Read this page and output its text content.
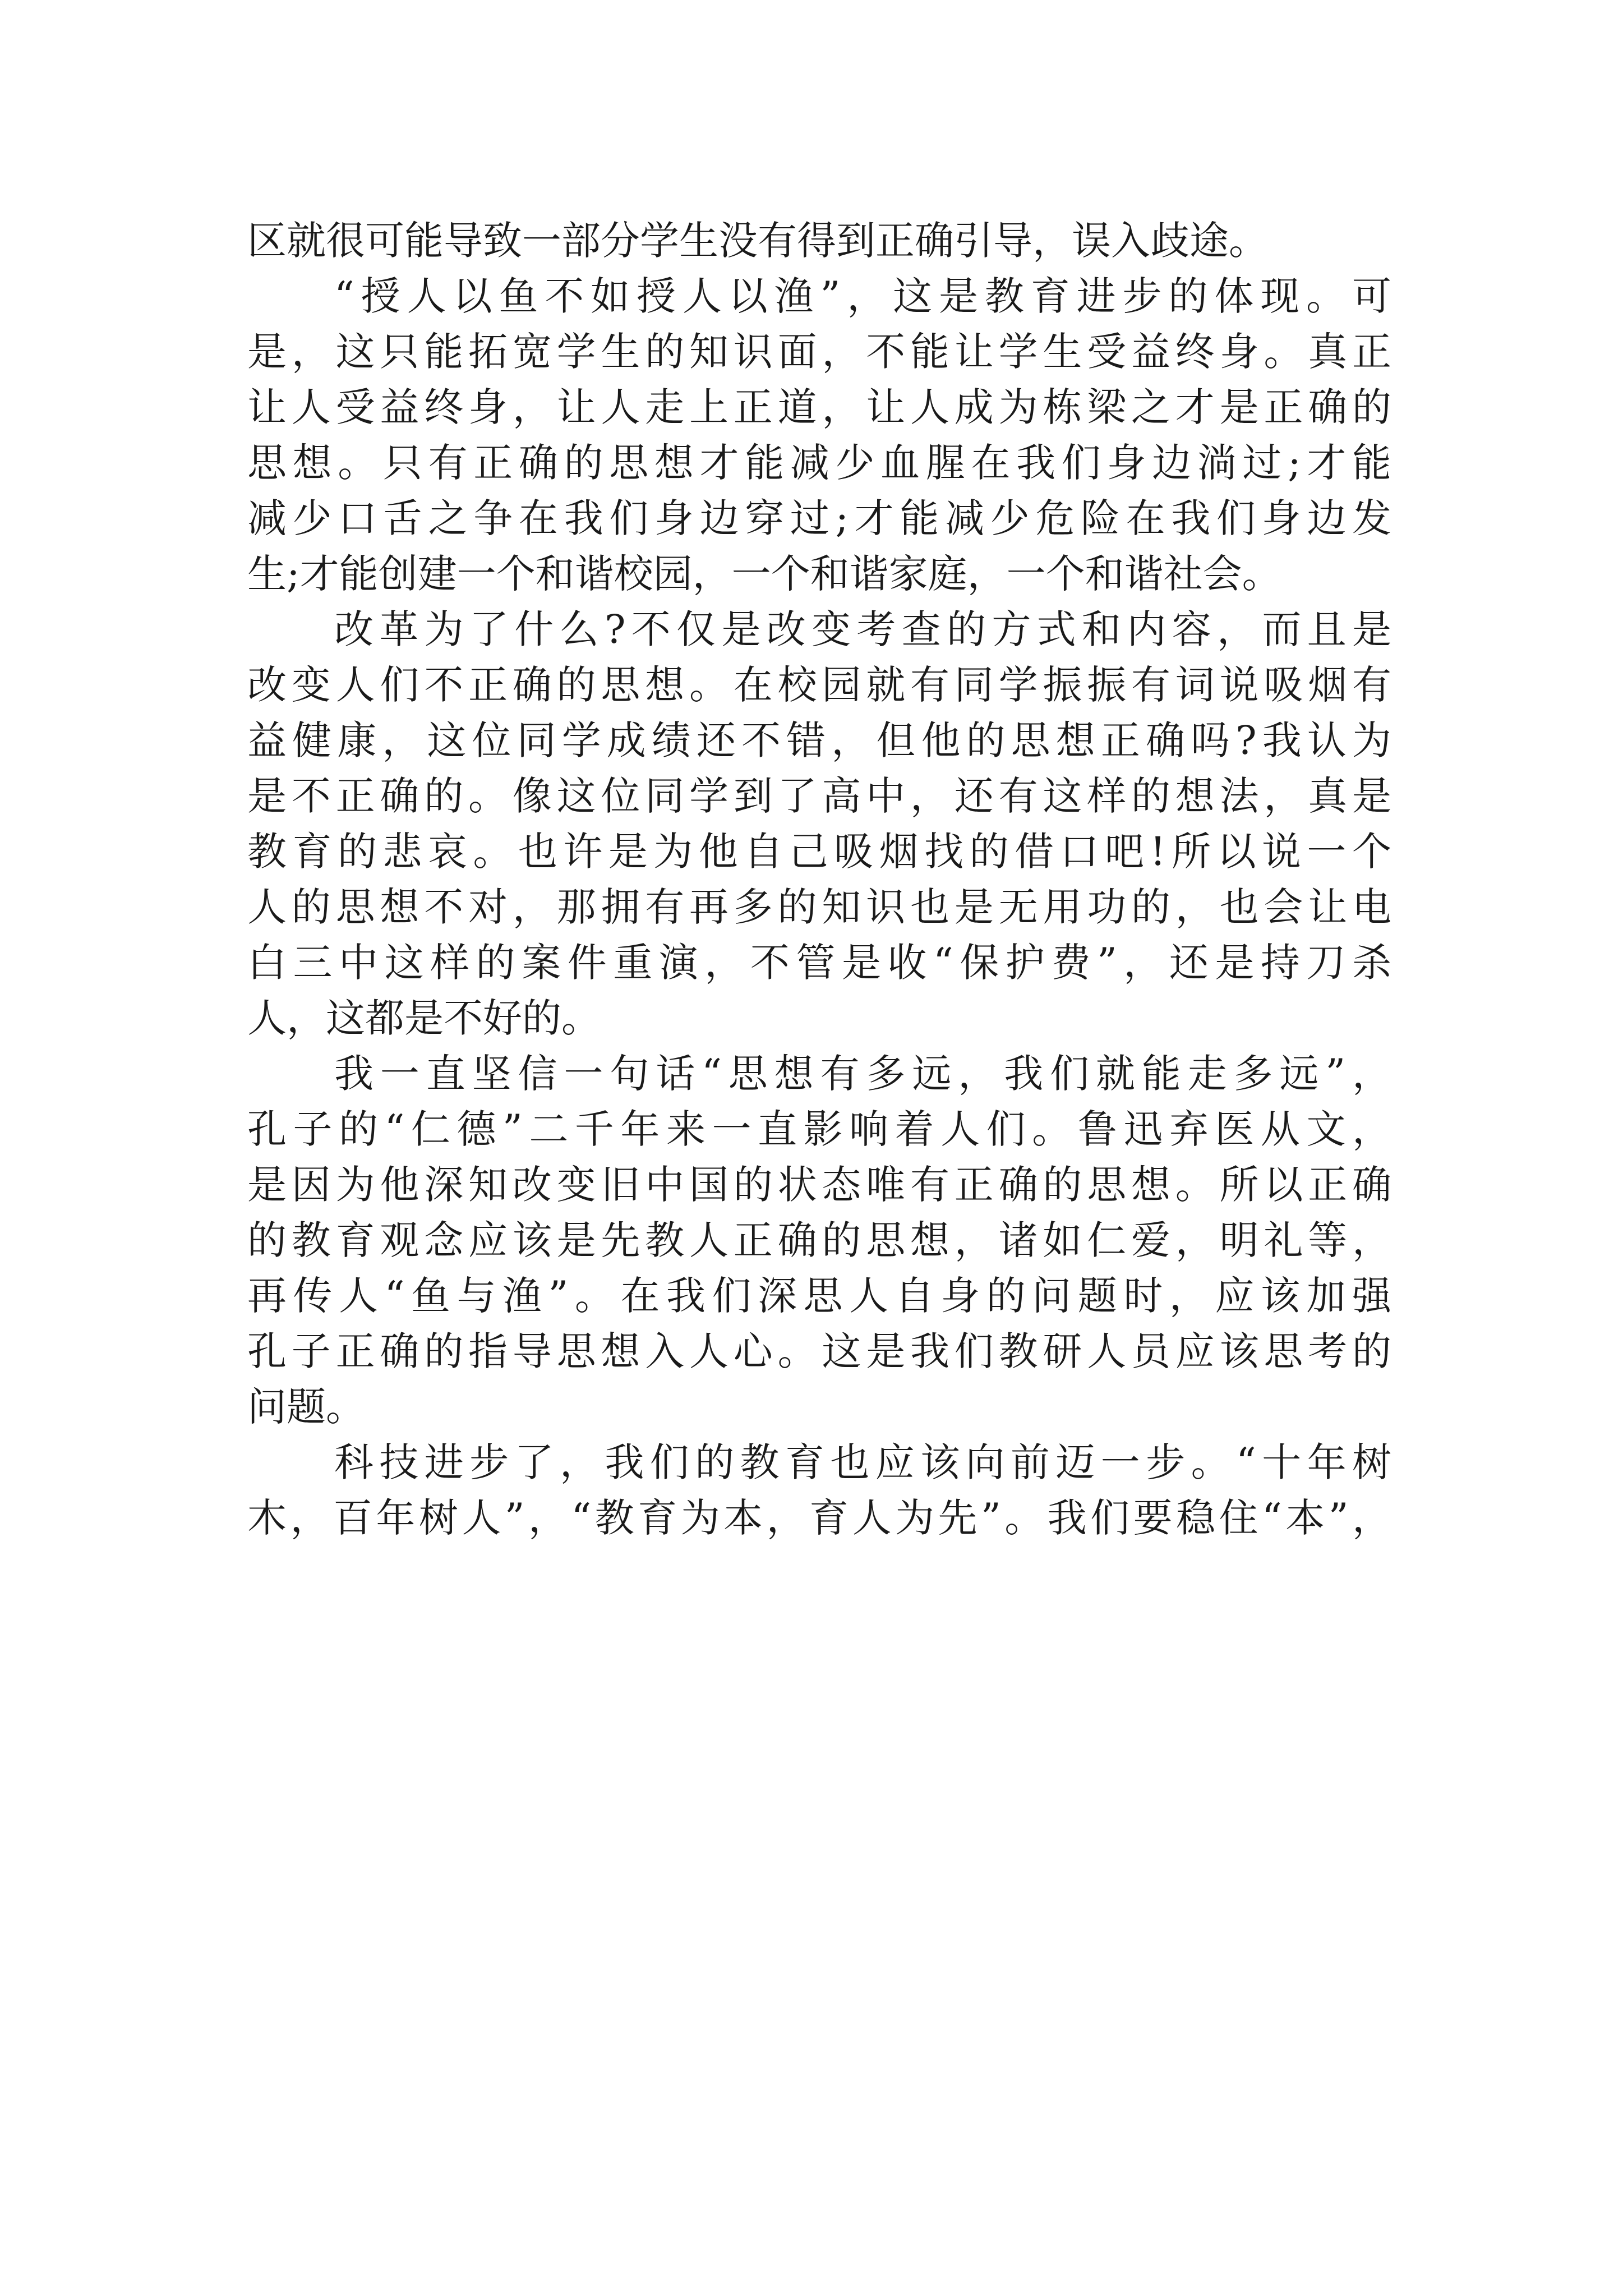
区就很可能导致一部分学生没有得到正确引导，误入歧途。
“授人以鱼不如授人以渔”，这是教育进步的体现。可
是，这只能拓宽学生的知识面，不能让学生受益终身。真正
让人受益终身，让人走上正道，让人成为栋梁之才是正确的
思想。只有正确的思想才能减少血腥在我们身边淌过;才能
减少口舌之争在我们身边穿过;才能减少危险在我们身边发
生;才能创建一个和谐校园，一个和谐家庭，一个和谐社会。
改革为了什么?不仅是改变考查的方式和内容，而且是
改变人们不正确的思想。在校园就有同学振振有词说吸烟有
益健康，这位同学成绩还不错，但他的思想正确吗?我认为
是不正确的。像这位同学到了高中，还有这样的想法，真是
教育的悲哀。也许是为他自己吸烟找的借口吧!所以说一个
人的思想不对，那拥有再多的知识也是无用功的，也会让电
白三中这样的案件重演，不管是收“保护费”，还是持刀杀
人，这都是不好的。
我一直坚信一句话“思想有多远，我们就能走多远”，
孔子的“仁德”二千年来一直影响着人们。鲁迅弃医从文，
是因为他深知改变旧中国的状态唯有正确的思想。所以正确
的教育观念应该是先教人正确的思想，诸如仁爱，明礼等，
再传人“鱼与渔”。在我们深思人自身的问题时，应该加强
孔子正确的指导思想入人心。这是我们教研人员应该思考的
问题。
科技进步了，我们的教育也应该向前迈一步。“十年树
木，百年树人”，“教育为本，育人为先”。我们要稳住“本”，
